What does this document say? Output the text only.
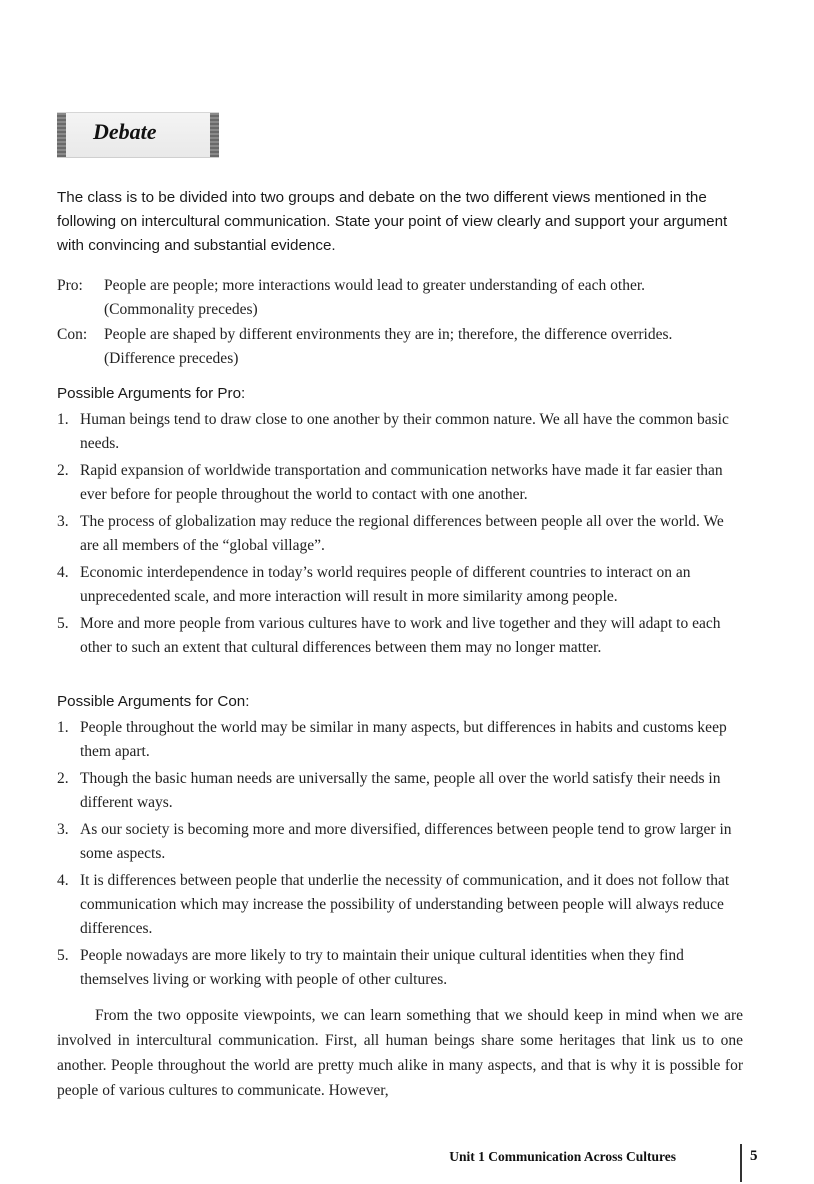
Debate
The class is to be divided into two groups and debate on the two different views mentioned in the following on intercultural communication. State your point of view clearly and support your argument with convincing and substantial evidence.
Pro: People are people; more interactions would lead to greater understanding of each other.
(Commonality precedes)
Con: People are shaped by different environments they are in; therefore, the difference overrides.
(Difference precedes)
Possible Arguments for Pro:
1. Human beings tend to draw close to one another by their common nature. We all have the common basic needs.
2. Rapid expansion of worldwide transportation and communication networks have made it far easier than ever before for people throughout the world to contact with one another.
3. The process of globalization may reduce the regional differences between people all over the world. We are all members of the “global village”.
4. Economic interdependence in today’s world requires people of different countries to interact on an unprecedented scale, and more interaction will result in more similarity among people.
5. More and more people from various cultures have to work and live together and they will adapt to each other to such an extent that cultural differences between them may no longer matter.
Possible Arguments for Con:
1. People throughout the world may be similar in many aspects, but differences in habits and customs keep them apart.
2. Though the basic human needs are universally the same, people all over the world satisfy their needs in different ways.
3. As our society is becoming more and more diversified, differences between people tend to grow larger in some aspects.
4. It is differences between people that underlie the necessity of communication, and it does not follow that communication which may increase the possibility of understanding between people will always reduce differences.
5. People nowadays are more likely to try to maintain their unique cultural identities when they find themselves living or working with people of other cultures.
From the two opposite viewpoints, we can learn something that we should keep in mind when we are involved in intercultural communication. First, all human beings share some heritages that link us to one another. People throughout the world are pretty much alike in many aspects, and that is why it is possible for people of various cultures to communicate. However,
Unit 1 Communication Across Cultures	5
